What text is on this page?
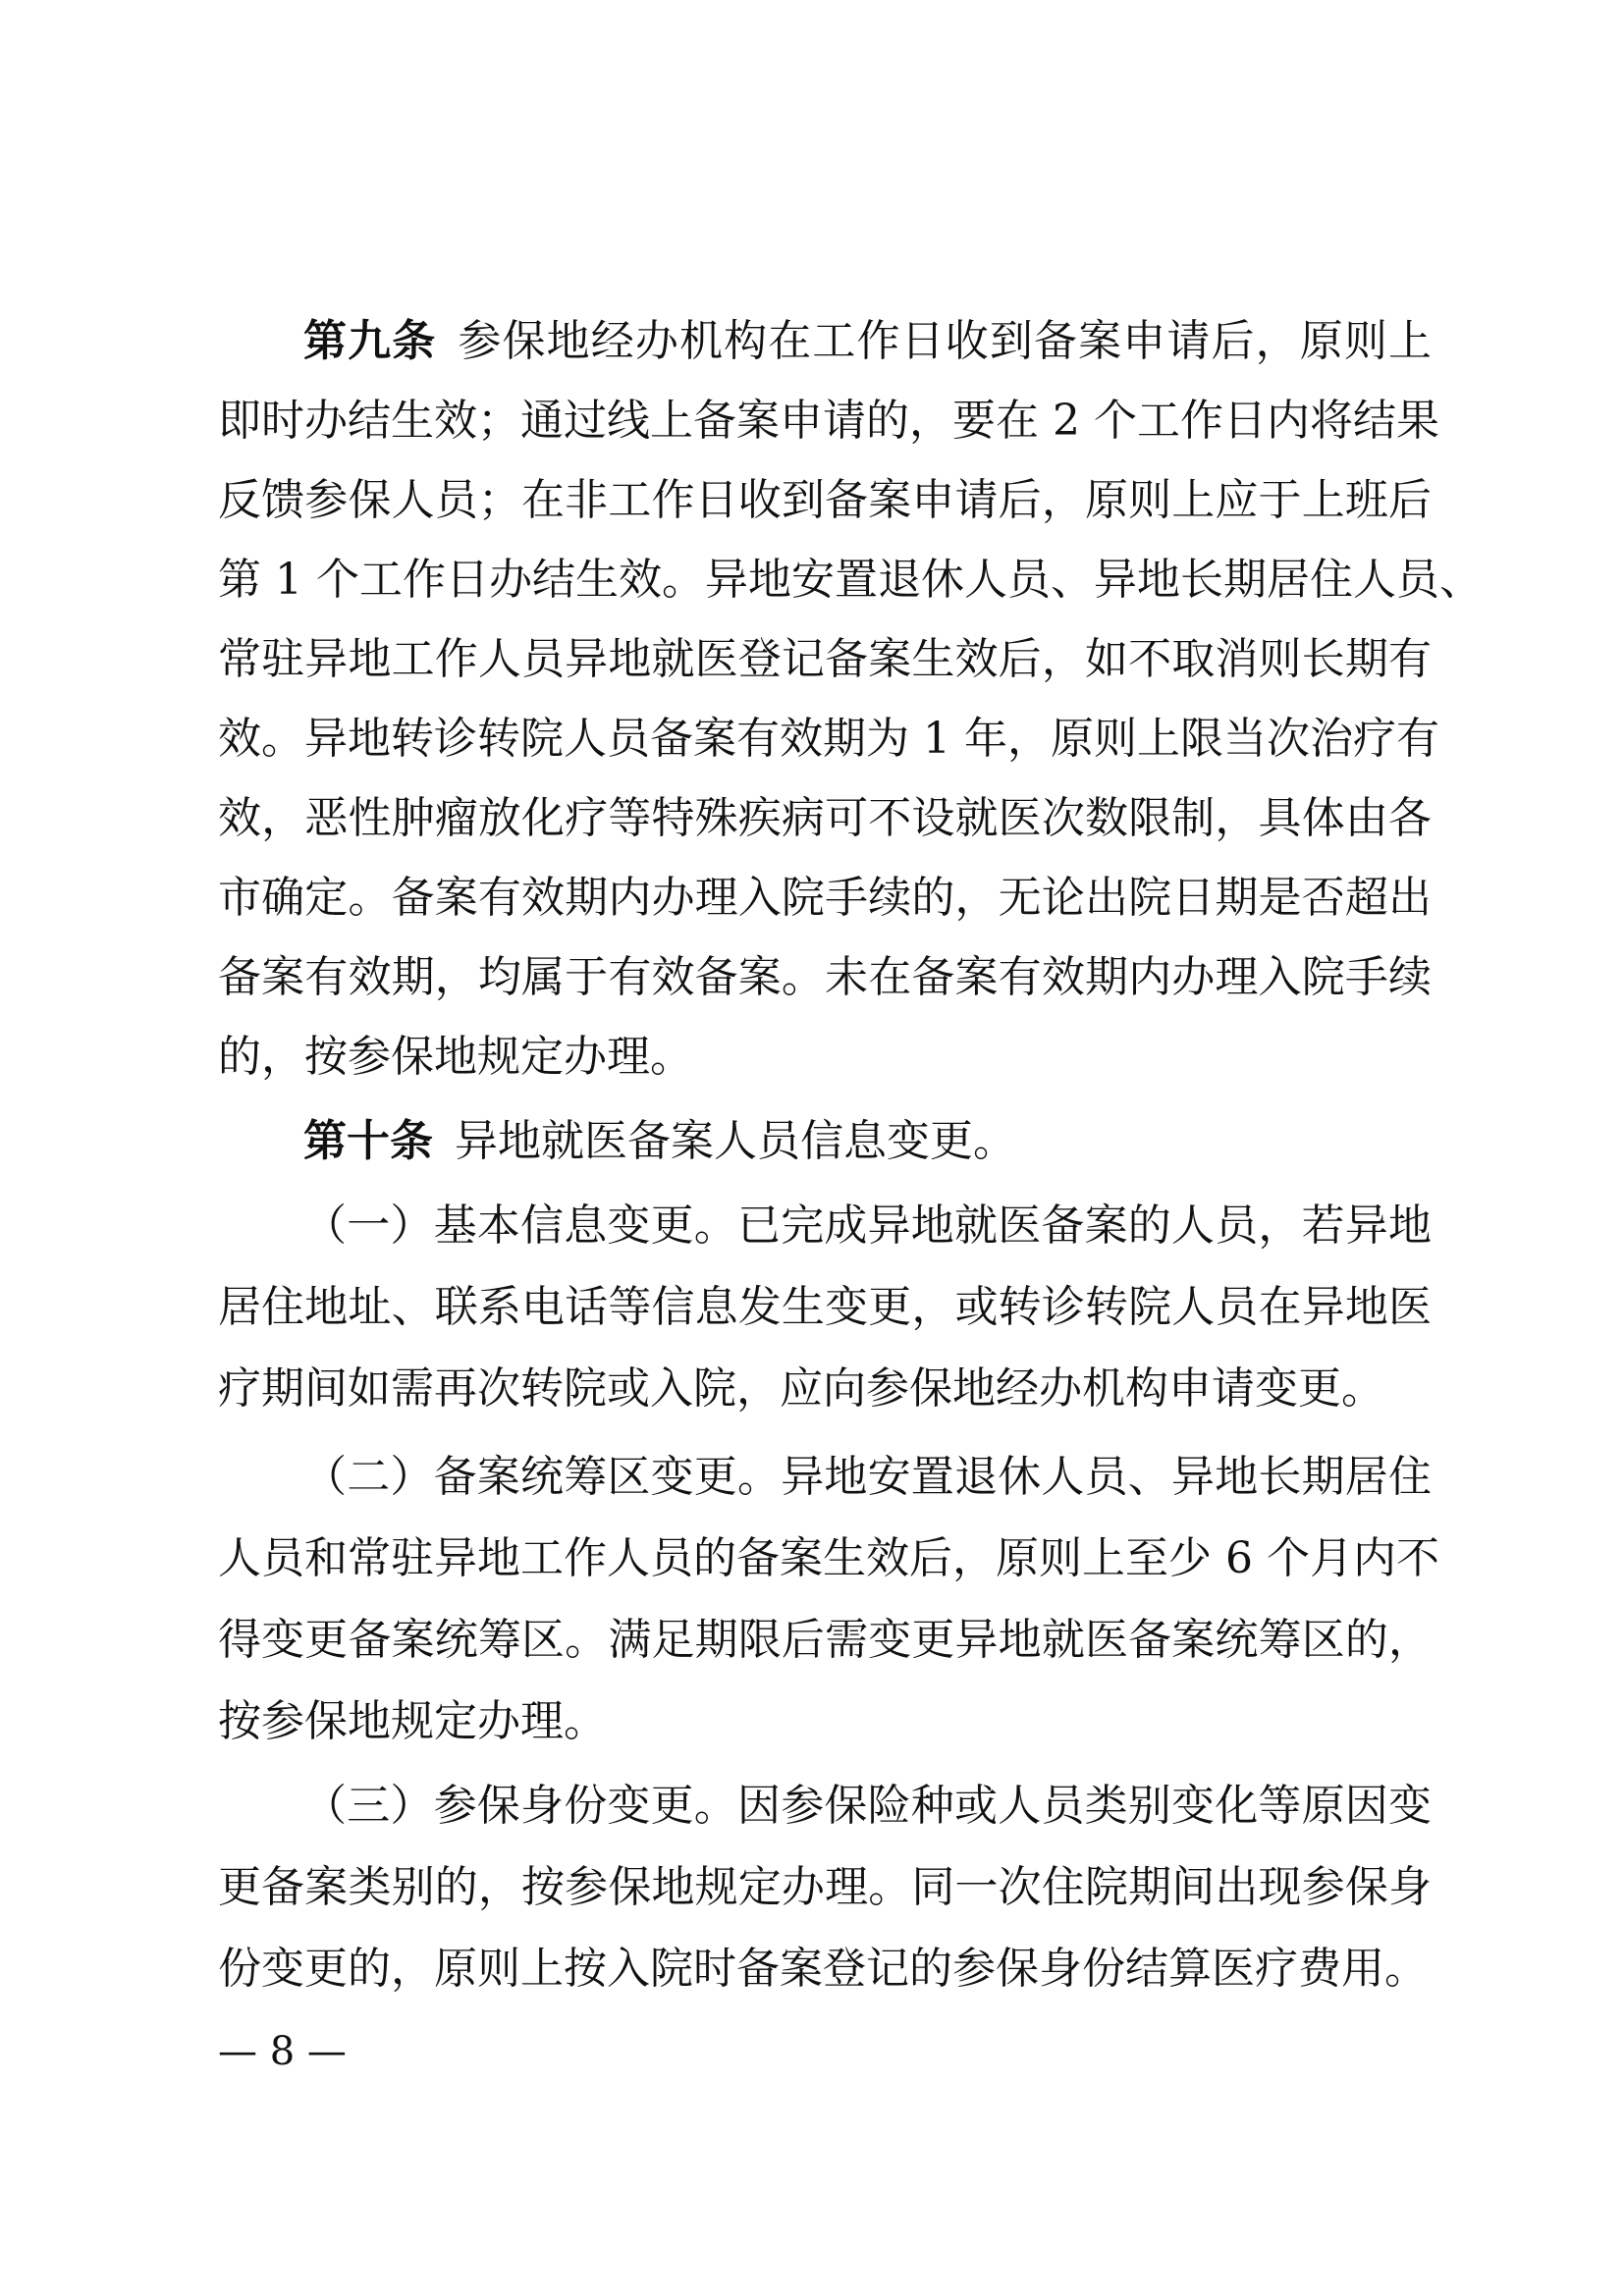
第九条 参保地经办机构在工作日收到备案申请后，原则上
即时办结生效；通过线上备案申请的，要在 2 个工作日内将结果
反馈参保人员；在非工作日收到备案申请后，原则上应于上班后
第 1 个工作日办结生效。异地安置退休人员、异地长期居住人员、
常驻异地工作人员异地就医登记备案生效后，如不取消则长期有
效。异地转诊转院人员备案有效期为 1 年，原则上限当次治疗有
效，恶性肿瘤放化疗等特殊疾病可不设就医次数限制，具体由各
市确定。备案有效期内办理入院手续的，无论出院日期是否超出
备案有效期，均属于有效备案。未在备案有效期内办理入院手续
的，按参保地规定办理。
第十条 异地就医备案人员信息变更。
（一）基本信息变更。已完成异地就医备案的人员，若异地
居住地址、联系电话等信息发生变更，或转诊转院人员在异地医
疗期间如需再次转院或入院，应向参保地经办机构申请变更。
（二）备案统筹区变更。异地安置退休人员、异地长期居住
人员和常驻异地工作人员的备案生效后，原则上至少 6 个月内不
得变更备案统筹区。满足期限后需变更异地就医备案统筹区的，
按参保地规定办理。
（三）参保身份变更。因参保险种或人员类别变化等原因变
更备案类别的，按参保地规定办理。同一次住院期间出现参保身
份变更的，原则上按入院时备案登记的参保身份结算医疗费用。
— 8 —
